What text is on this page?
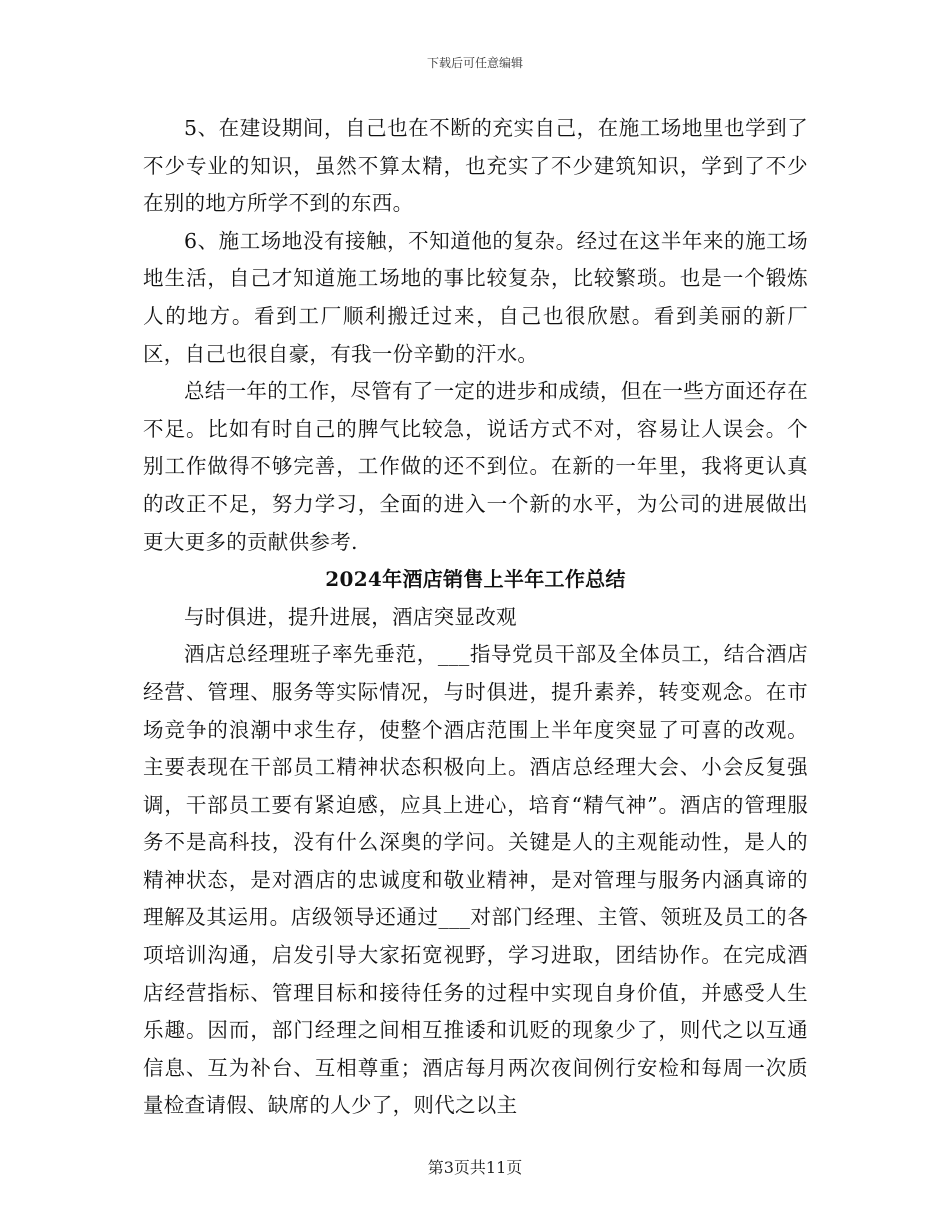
下载后可任意编辑

5、在建设期间，自己也在不断的充实自己，在施工场地里也学到了不少专业的知识，虽然不算太精，也充实了不少建筑知识，学到了不少在别的地方所学不到的东西。

6、施工场地没有接触，不知道他的复杂。经过在这半年来的施工场地生活，自己才知道施工场地的事比较复杂，比较繁琐。也是一个锻炼人的地方。看到工厂顺利搬迁过来，自己也很欣慰。看到美丽的新厂区，自己也很自豪，有我一份辛勤的汗水。

总结一年的工作，尽管有了一定的进步和成绩，但在一些方面还存在不足。比如有时自己的脾气比较急，说话方式不对，容易让人误会。个别工作做得不够完善，工作做的还不到位。在新的一年里，我将更认真的改正不足，努力学习，全面的进入一个新的水平，为公司的进展做出更大更多的贡献供参考.

2024年酒店销售上半年工作总结

与时俱进，提升进展，酒店突显改观

酒店总经理班子率先垂范，___指导党员干部及全体员工，结合酒店经营、管理、服务等实际情况，与时俱进，提升素养，转变观念。在市场竞争的浪潮中求生存，使整个酒店范围上半年度突显了可喜的改观。主要表现在干部员工精神状态积极向上。酒店总经理大会、小会反复强调，干部员工要有紧迫感，应具上进心，培育“精气神”。酒店的管理服务不是高科技，没有什么深奥的学问。关键是人的主观能动性，是人的精神状态，是对酒店的忠诚度和敬业精神，是对管理与服务内涵真谛的理解及其运用。店级领导还通过___对部门经理、主管、领班及员工的各项培训沟通，启发引导大家拓宽视野，学习进取，团结协作。在完成酒店经营指标、管理目标和接待任务的过程中实现自身价值，并感受人生乐趣。因而，部门经理之间相互推诿和讥贬的现象少了，则代之以互通信息、互为补台、互相尊重；酒店每月两次夜间例行安检和每周一次质量检查请假、缺席的人少了，则代之以主

第3页共11页
